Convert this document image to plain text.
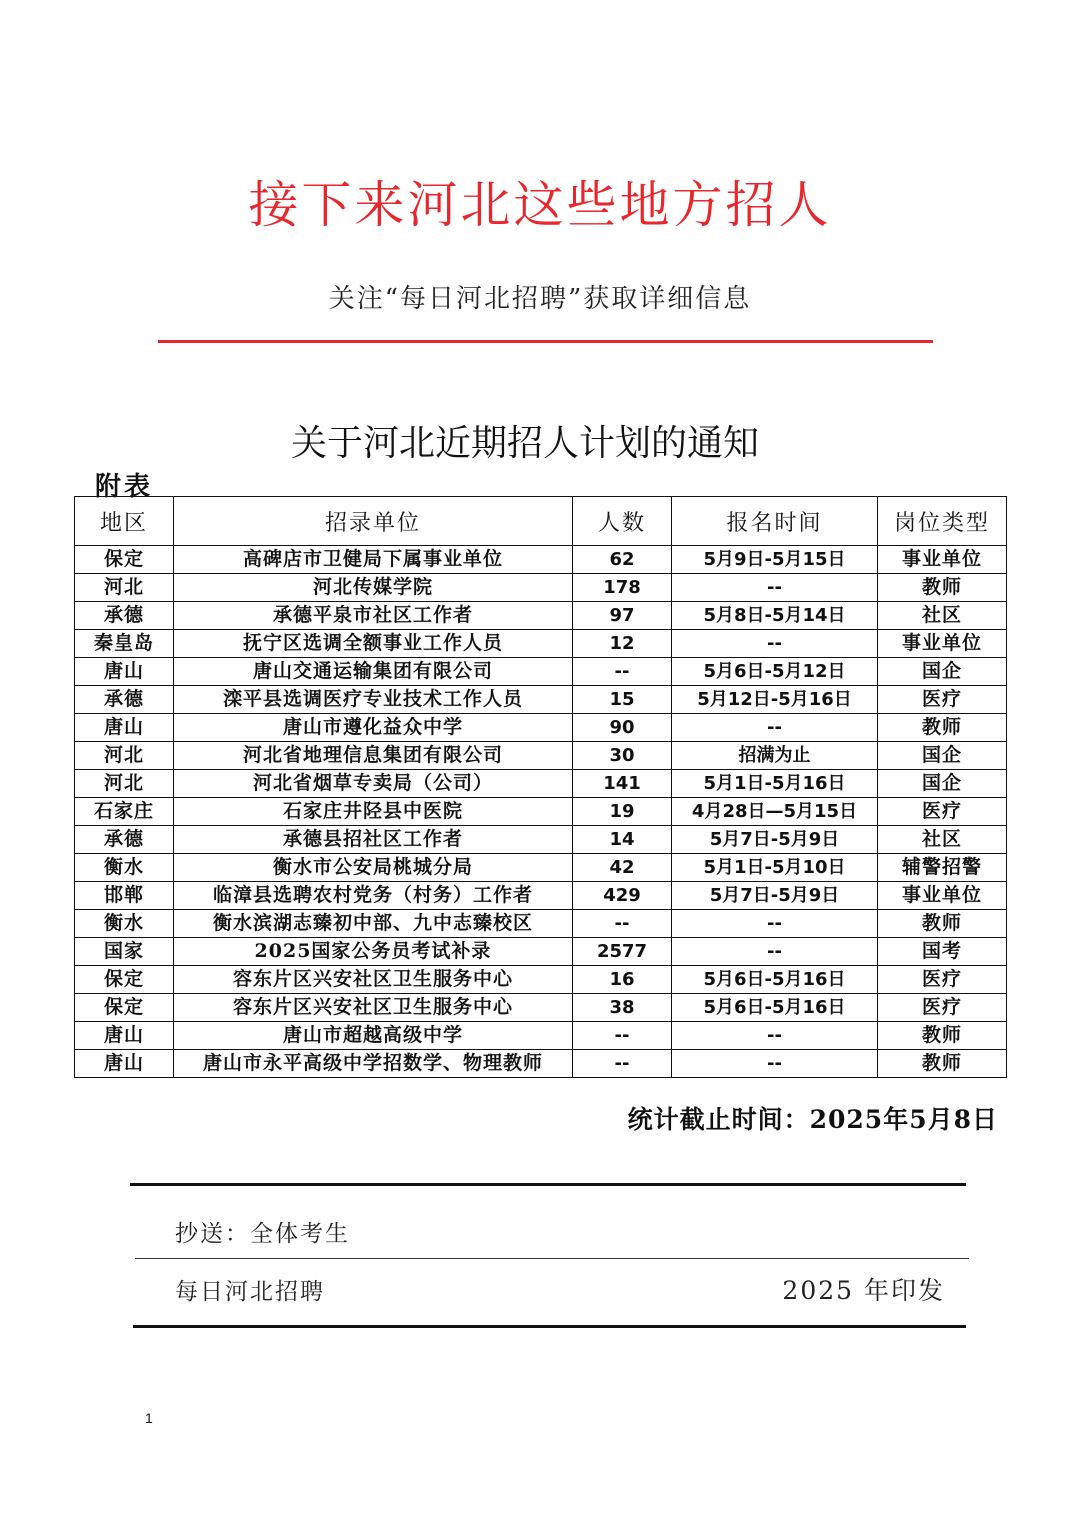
接下来河北这些地方招人
关注“每日河北招聘”获取详细信息
关于河北近期招人计划的通知
附表
地区	招录单位	人数	报名时间	岗位类型
保定	高碑店市卫健局下属事业单位	62	5月9日-5月15日	事业单位
河北	河北传媒学院	178	--	教师
承德	承德平泉市社区工作者	97	5月8日-5月14日	社区
秦皇岛	抚宁区选调全额事业工作人员	12	--	事业单位
唐山	唐山交通运输集团有限公司	--	5月6日-5月12日	国企
承德	滦平县选调医疗专业技术工作人员	15	5月12日-5月16日	医疗
唐山	唐山市遵化益众中学	90	--	教师
河北	河北省地理信息集团有限公司	30	招满为止	国企
河北	河北省烟草专卖局（公司）	141	5月1日-5月16日	国企
石家庄	石家庄井陉县中医院	19	4月28日—5月15日	医疗
承德	承德县招社区工作者	14	5月7日-5月9日	社区
衡水	衡水市公安局桃城分局	42	5月1日-5月10日	辅警招警
邯郸	临漳县选聘农村党务（村务）工作者	429	5月7日-5月9日	事业单位
衡水	衡水滨湖志臻初中部、九中志臻校区	--	--	教师
国家	2025国家公务员考试补录	2577	--	国考
保定	容东片区兴安社区卫生服务中心	16	5月6日-5月16日	医疗
保定	容东片区兴安社区卫生服务中心	38	5月6日-5月16日	医疗
唐山	唐山市超越高级中学	--	--	教师
唐山	唐山市永平高级中学招数学、物理教师	--	--	教师
统计截止时间：2025年5月8日
抄送：全体考生
每日河北招聘	2025 年印发
1
